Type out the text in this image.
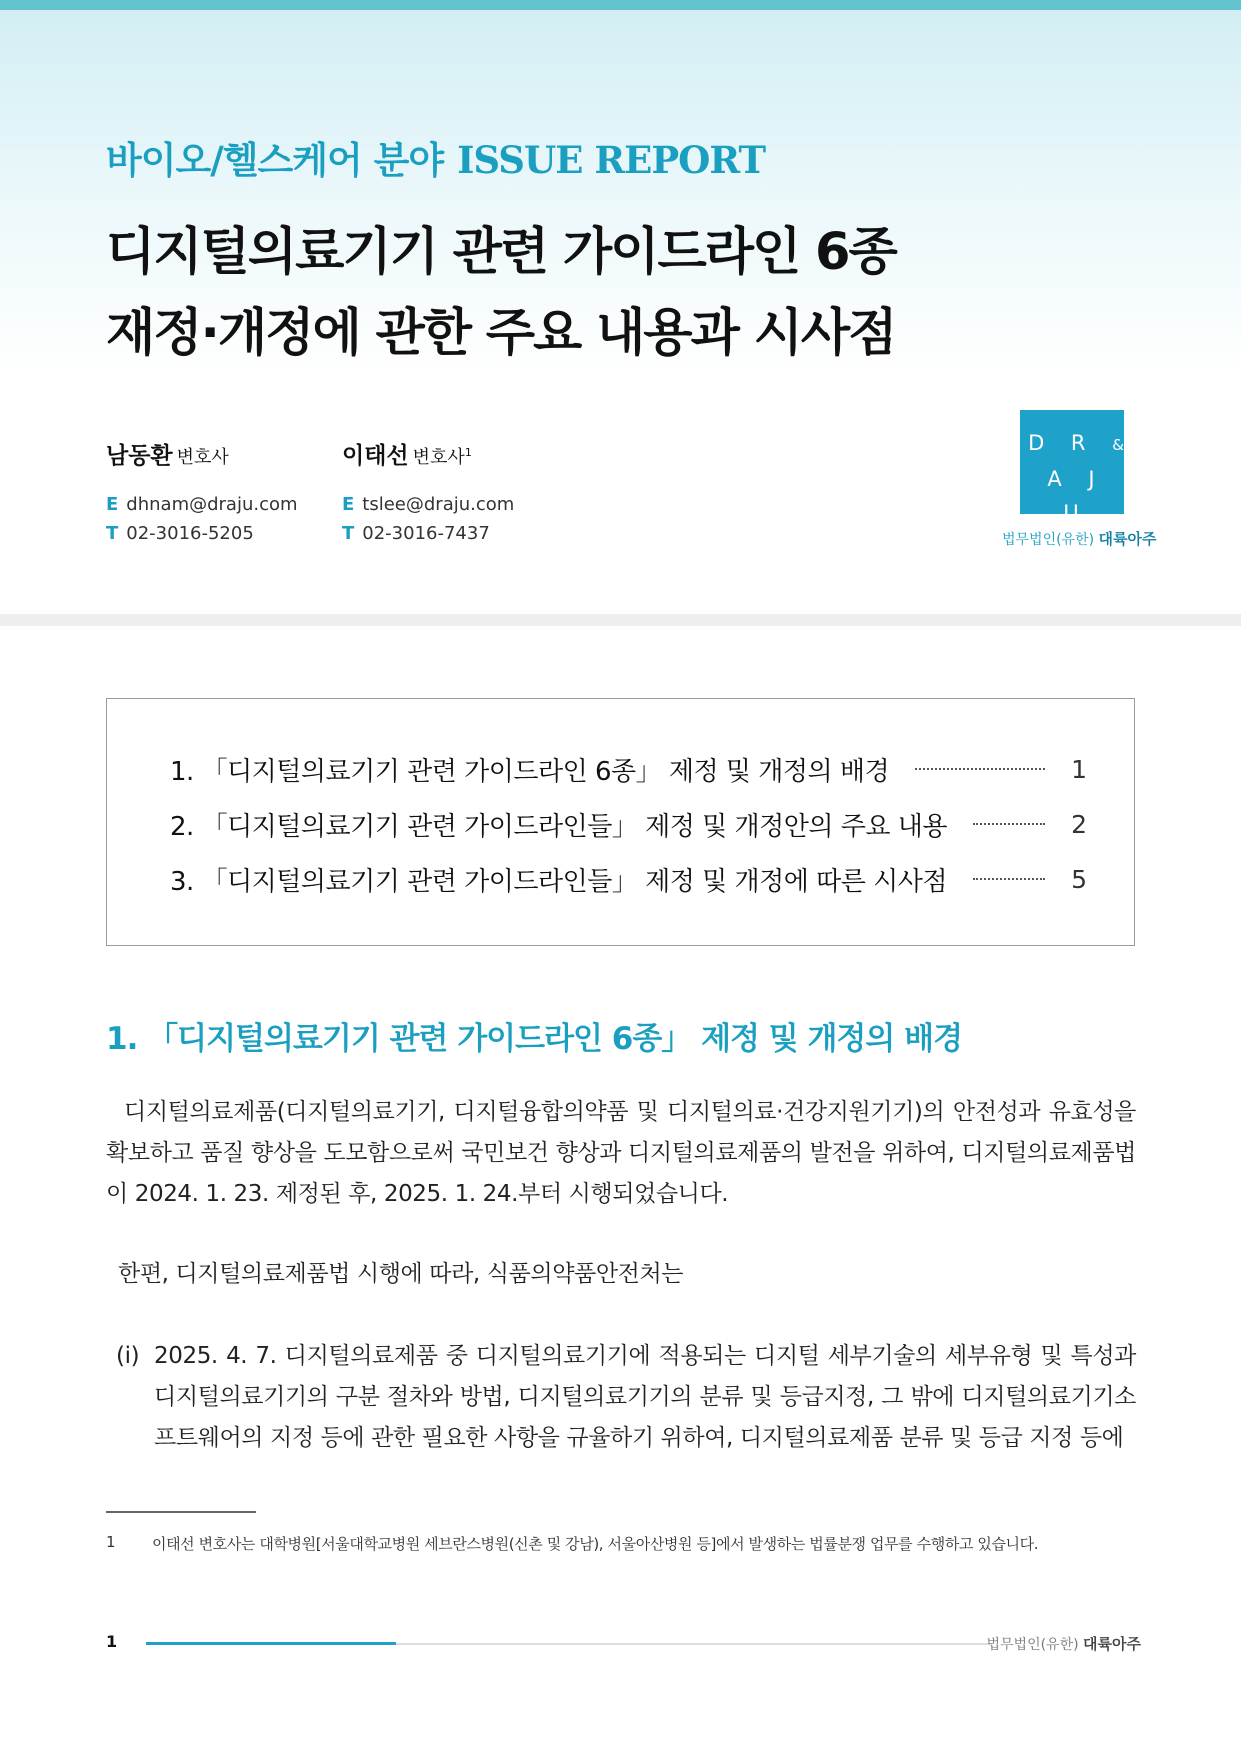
바이오/헬스케어 분야 ISSUE REPORT
디지털의료기기 관련 가이드라인 6종
재정·개정에 관한 주요 내용과 시사점
남동환 변호사
E dhnam@draju.com
T 02-3016-5205
이태선 변호사$^1$
E tslee@draju.com
T 02-3016-7437
D R &
A J U
법무법인(유한) 대륙아주
1. 「디지털의료기기 관련 가이드라인 6종」 제정 및 개정의 배경	1
2. 「디지털의료기기 관련 가이드라인들」 제정 및 개정안의 주요 내용	2
3. 「디지털의료기기 관련 가이드라인들」 제정 및 개정에 따른 시사점	5
1. 「디지털의료기기 관련 가이드라인 6종」 제정 및 개정의 배경
디지털의료제품(디지털의료기기, 디지털융합의약품 및 디지털의료·건강지원기기)의 안전성과 유효성을 확보하고 품질 향상을 도모함으로써 국민보건 향상과 디지털의료제품의 발전을 위하여, 디지털의료제품법이 2024. 1. 23. 제정된 후, 2025. 1. 24.부터 시행되었습니다.
한편, 디지털의료제품법 시행에 따라, 식품의약품안전처는
(i) 2025. 4. 7. 디지털의료제품 중 디지털의료기기에 적용되는 디지털 세부기술의 세부유형 및 특성과 디지털의료기기의 구분 절차와 방법, 디지털의료기기의 분류 및 등급지정, 그 밖에 디지털의료기기소프트웨어의 지정 등에 관한 필요한 사항을 규율하기 위하여, 디지털의료제품 분류 및 등급 지정 등에
1	이태선 변호사는 대학병원[서울대학교병원 세브란스병원(신촌 및 강남), 서울아산병원 등]에서 발생하는 법률분쟁 업무를 수행하고 있습니다.
1	법무법인(유한) 대륙아주
